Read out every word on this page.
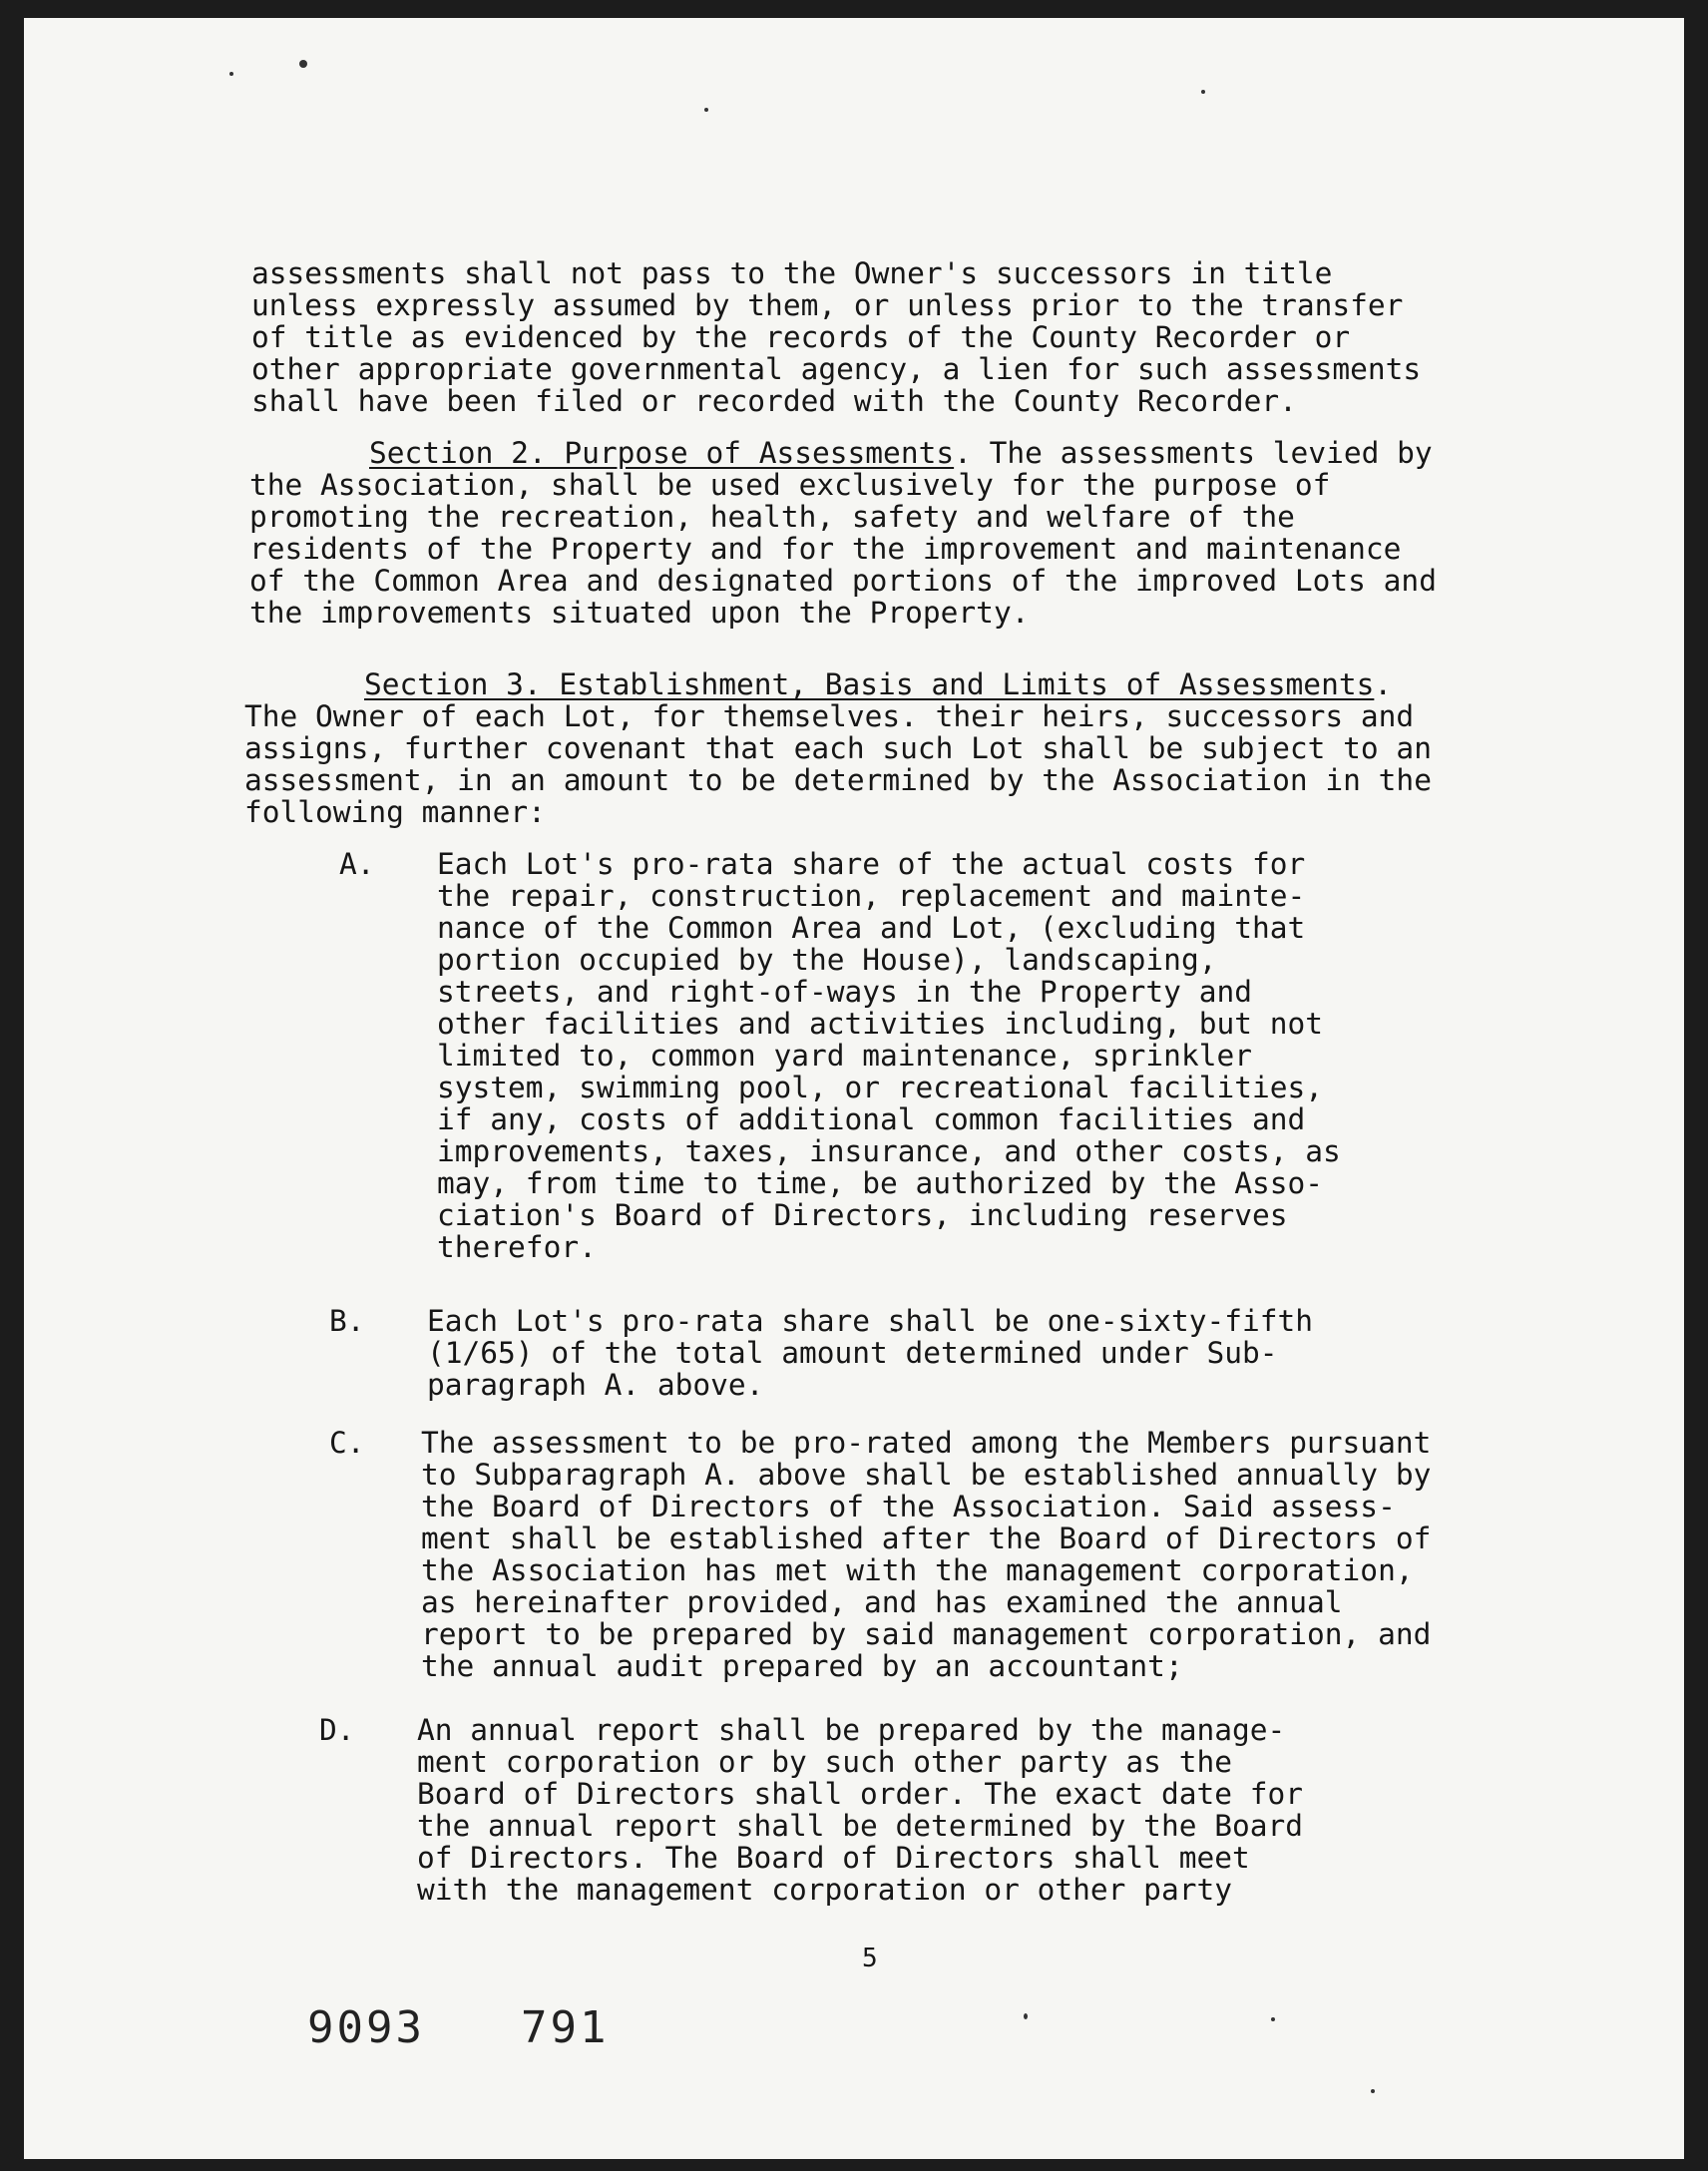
assessments shall not pass to the Owner's successors in title
unless expressly assumed by them, or unless prior to the transfer
of title as evidenced by the records of the County Recorder or
other appropriate governmental agency, a lien for such assessments
shall have been filed or recorded with the County Recorder.
Section 2. Purpose of Assessments. The assessments levied by
the Association, shall be used exclusively for the purpose of
promoting the recreation, health, safety and welfare of the
residents of the Property and for the improvement and maintenance
of the Common Area and designated portions of the improved Lots and
the improvements situated upon the Property.
Section 3. Establishment, Basis and Limits of Assessments.
The Owner of each Lot, for themselves. their heirs, successors and
assigns, further covenant that each such Lot shall be subject to an
assessment, in an amount to be determined by the Association in the
following manner:
A. Each Lot's pro-rata share of the actual costs for
the repair, construction, replacement and mainte-
nance of the Common Area and Lot, (excluding that
portion occupied by the House), landscaping,
streets, and right-of-ways in the Property and
other facilities and activities including, but not
limited to, common yard maintenance, sprinkler
system, swimming pool, or recreational facilities,
if any, costs of additional common facilities and
improvements, taxes, insurance, and other costs, as
may, from time to time, be authorized by the Asso-
ciation's Board of Directors, including reserves
therefor.
B. Each Lot's pro-rata share shall be one-sixty-fifth
(1/65) of the total amount determined under Sub-
paragraph A. above.
C. The assessment to be pro-rated among the Members pursuant
to Subparagraph A. above shall be established annually by
the Board of Directors of the Association. Said assess-
ment shall be established after the Board of Directors of
the Association has met with the management corporation,
as hereinafter provided, and has examined the annual
report to be prepared by said management corporation, and
the annual audit prepared by an accountant;
D. An annual report shall be prepared by the manage-
ment corporation or by such other party as the
Board of Directors shall order. The exact date for
the annual report shall be determined by the Board
of Directors. The Board of Directors shall meet
with the management corporation or other party
5
9093 791
